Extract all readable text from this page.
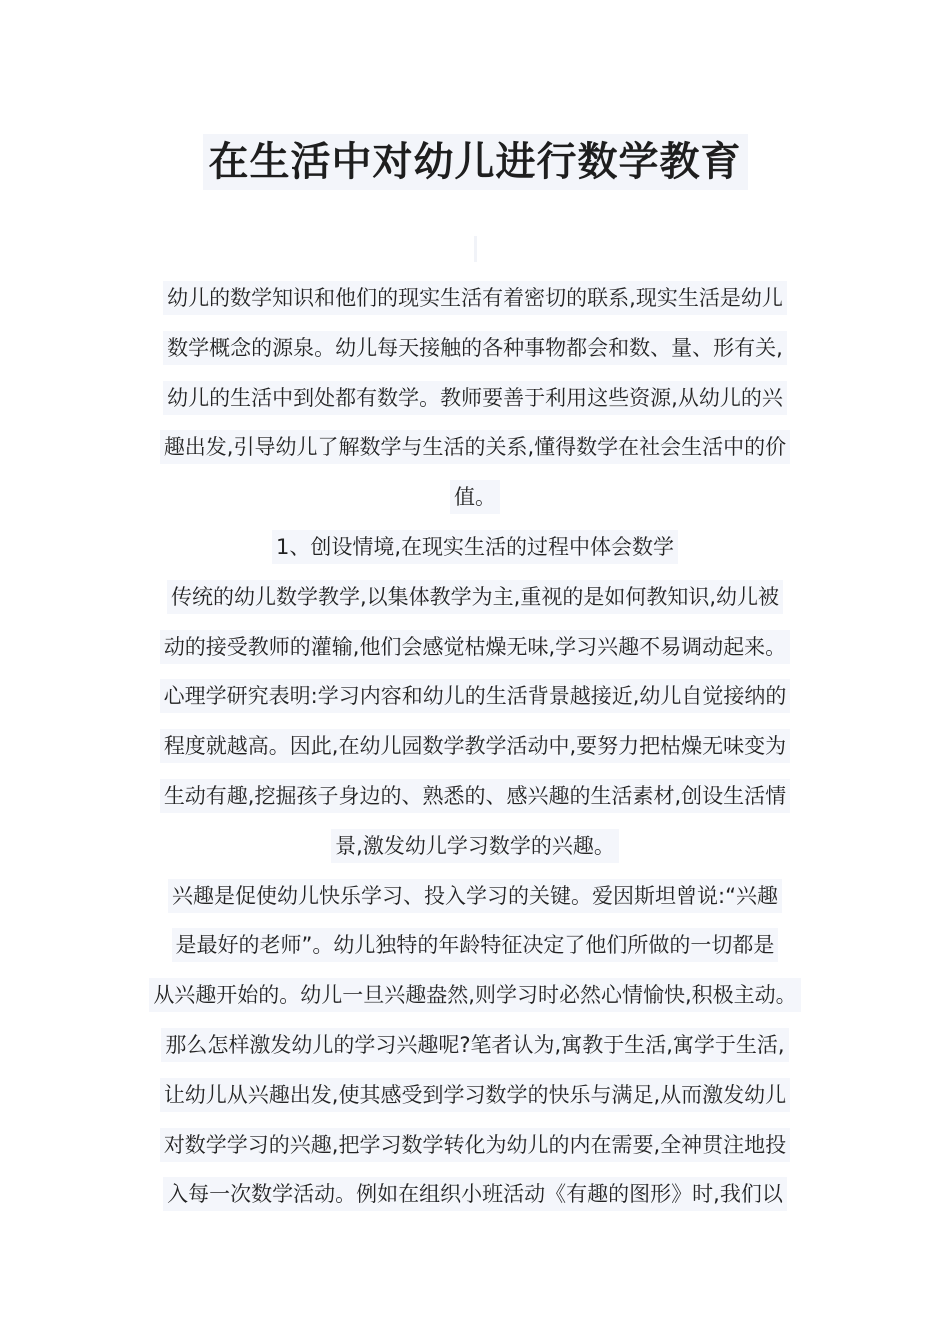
在生活中对幼儿进行数学教育
幼儿的数学知识和他们的现实生活有着密切的联系,现实生活是幼儿
数学概念的源泉。幼儿每天接触的各种事物都会和数、量、形有关,
幼儿的生活中到处都有数学。教师要善于利用这些资源,从幼儿的兴
趣出发,引导幼儿了解数学与生活的关系,懂得数学在社会生活中的价
值。
1、创设情境,在现实生活的过程中体会数学
传统的幼儿数学教学,以集体教学为主,重视的是如何教知识,幼儿被
动的接受教师的灌输,他们会感觉枯燥无味,学习兴趣不易调动起来。
心理学研究表明:学习内容和幼儿的生活背景越接近,幼儿自觉接纳的
程度就越高。因此,在幼儿园数学教学活动中,要努力把枯燥无味变为
生动有趣,挖掘孩子身边的、熟悉的、感兴趣的生活素材,创设生活情
景,激发幼儿学习数学的兴趣。
兴趣是促使幼儿快乐学习、投入学习的关键。爱因斯坦曾说:“兴趣
是最好的老师”。幼儿独特的年龄特征决定了他们所做的一切都是
从兴趣开始的。幼儿一旦兴趣盎然,则学习时必然心情愉快,积极主动。
那么怎样激发幼儿的学习兴趣呢?笔者认为,寓教于生活,寓学于生活,
让幼儿从兴趣出发,使其感受到学习数学的快乐与满足,从而激发幼儿
对数学学习的兴趣,把学习数学转化为幼儿的内在需要,全神贯注地投
入每一次数学活动。例如在组织小班活动《有趣的图形》时,我们以
